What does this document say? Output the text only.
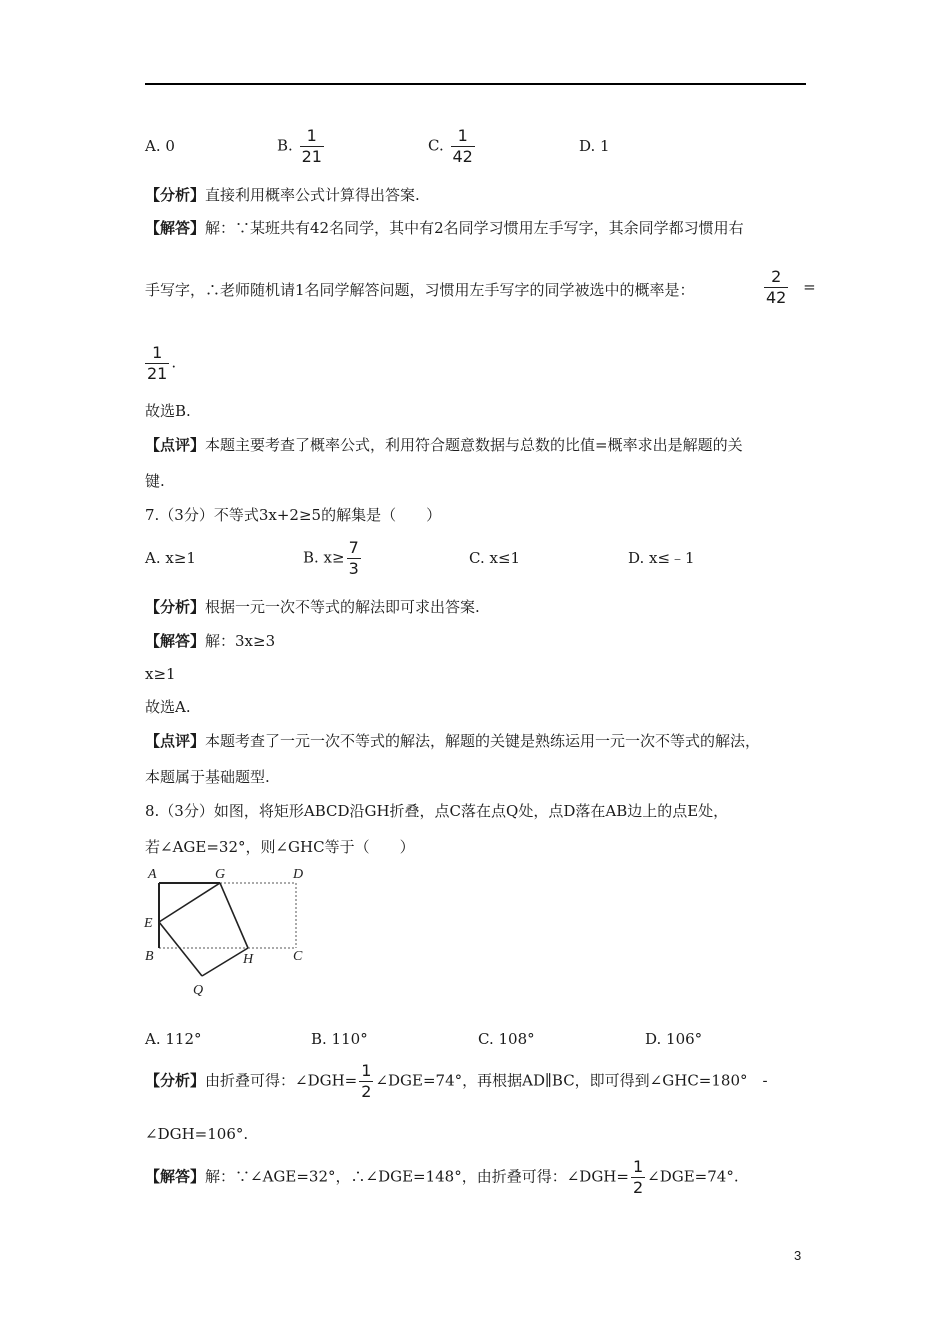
A. 0	B. $\frac{1}{21}$	C. $\frac{1}{42}$	D. 1
【分析】直接利用概率公式计算得出答案.
【解答】解：∵某班共有42名同学，其中有2名同学习惯用左手写字，其余同学都习惯用右
手写字，∴老师随机请1名同学解答问题，习惯用左手写字的同学被选中的概率是：	$\frac{2}{42}$ =
$\frac{1}{21}$ .
故选B.
【点评】本题主要考查了概率公式，利用符合题意数据与总数的比值=概率求出是解题的关
键.
7.（3分）不等式3x+2≥5的解集是（　　）
A. x≥1	B. $x\ge \frac{7}{3}$	C. x≤1	D. x≤﹣1
【分析】根据一元一次不等式的解法即可求出答案.
【解答】解：3x≥3
x≥1
故选A.
【点评】本题考查了一元一次不等式的解法，解题的关键是熟练运用一元一次不等式的解法，
本题属于基础题型.
8.（3分）如图，将矩形ABCD沿GH折叠，点C落在点Q处，点D落在AB边上的点E处，
若∠AGE=32°，则∠GHC等于（　　）
A	G	D
E
B	H	C
Q
A. 112°	B. 110°	C. 108°	D. 106°
【分析】由折叠可得：∠DGH= $\frac{1}{2}$ ∠DGE=74°，再根据AD∥BC，即可得到∠GHC=180°　-
∠DGH=106°.
【解答】解：∵∠AGE=32°，∴∠DGE=148°，由折叠可得：∠DGH= $\frac{1}{2}$ ∠DGE=74°.
3
